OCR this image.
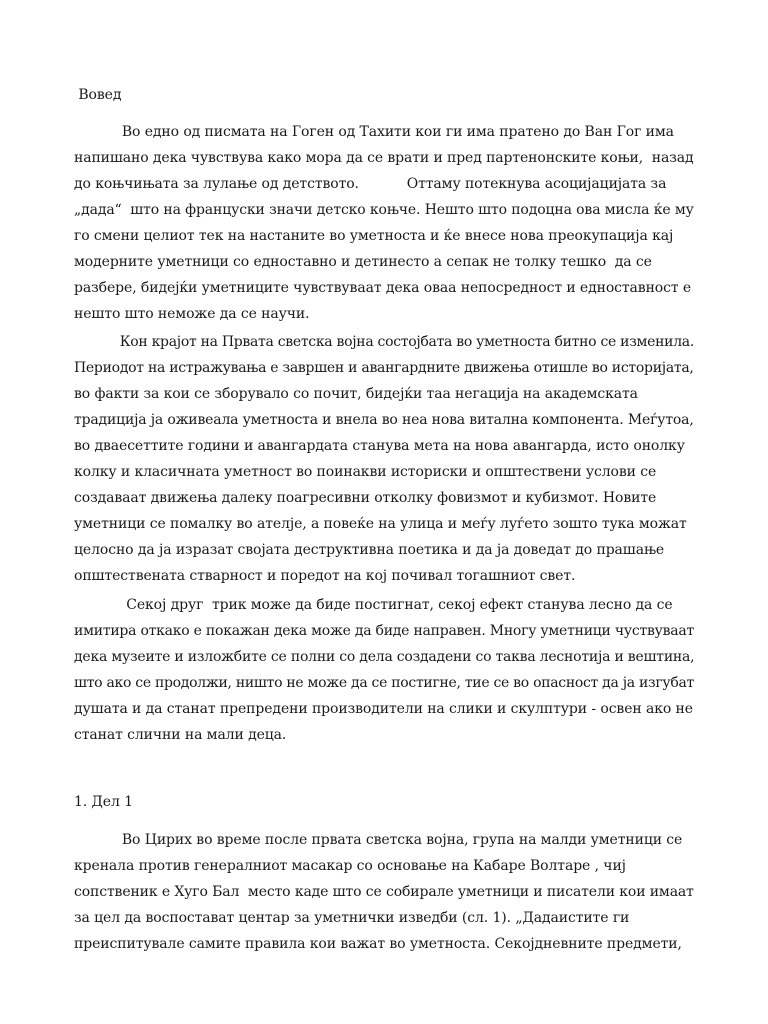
Вовед
Во едно од писмата на Гоген од Тахити кои ги има пратено до Ван Гог има
напишано дека чувствува како мора да се врати и пред партенонските коњи,  назад
до коњчињата за лулање од детството.           Оттаму потекнува асоцијацијата за
„дада“  што на француски значи детско коњче. Нешто што подоцна ова мисла ќе му
го смени целиот тек на настаните во уметноста и ќе внесе нова преокупација кај
модерните уметници со едноставно и детинесто а сепак не толку тешко  да се
разбере, бидејќи уметниците чувствуваат дека оваа непосредност и едноставност е
нешто што неможе да се научи.
Кон крајот на Првата светска војна состојбата во уметноста битно се изменила.
Периодот на истражувања е завршен и авангардните движења отишле во историјата,
во факти за кои се зборувало со почит, бидејќи таа негација на академската
традиција ја оживеала уметноста и внела во неа нова витална компонента. Меѓутоа,
во дваесеттите години и авангардата станува мета на нова авангарда, исто онолку
колку и класичната уметност во поинакви историски и општествени услови се
создаваат движења далеку поагресивни отколку фовизмот и кубизмот. Новите
уметници се помалку во ателје, а повеќе на улица и меѓу луѓето зошто тука можат
целосно да ја изразат својата деструктивна поетика и да ја доведат до прашање
општествената стварност и поредот на кој почивал тогашниот свет.
Секој друг  трик може да биде постигнат, секој ефект станува лесно да се
имитира откако е покажан дека може да биде направен. Многу уметници чуствуваат
дека музеите и изложбите се полни со дела создадени со таква леснотија и вештина,
што ако се продолжи, ништо не може да се постигне, тие се во опасност да ја изгубат
душата и да станат препредени производители на слики и скулптури - освен ако не
станат слични на мали деца.
1. Дел 1
Во Цирих во време после првата светска војна, група на малди уметници се
кренала против генералниот масакар со основање на Кабаре Волтаре , чиј
сопственик е Хуго Бал  место каде што се собирале уметници и писатели кои имаат
за цел да воспостават центар за уметнички изведби (сл. 1). „Дадаистите ги
преиспитувале самите правила кои важат во уметноста. Секојдневните предмети,
